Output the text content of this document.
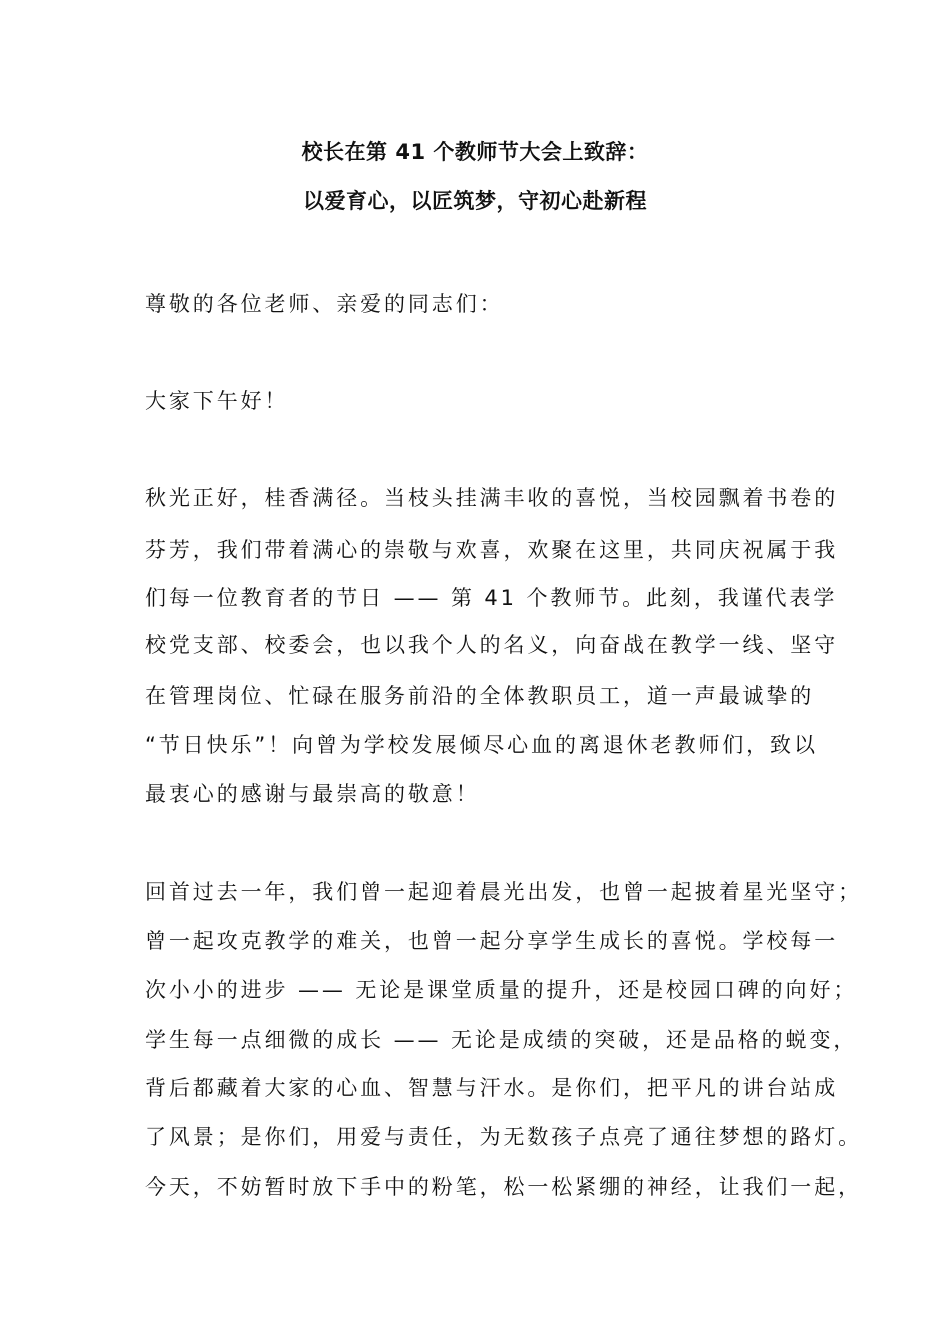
校长在第 41 个教师节大会上致辞：
以爱育心，以匠筑梦，守初心赴新程
尊敬的各位老师、亲爱的同志们：
大家下午好！
秋光正好，桂香满径。当枝头挂满丰收的喜悦，当校园飘着书卷的
芬芳，我们带着满心的崇敬与欢喜，欢聚在这里，共同庆祝属于我
们每一位教育者的节日 —— 第 41 个教师节。此刻，我谨代表学
校党支部、校委会，也以我个人的名义，向奋战在教学一线、坚守
在管理岗位、忙碌在服务前沿的全体教职员工，道一声最诚挚的
“节日快乐”！向曾为学校发展倾尽心血的离退休老教师们，致以
最衷心的感谢与最崇高的敬意！
回首过去一年，我们曾一起迎着晨光出发，也曾一起披着星光坚守；
曾一起攻克教学的难关，也曾一起分享学生成长的喜悦。学校每一
次小小的进步 —— 无论是课堂质量的提升，还是校园口碑的向好；
学生每一点细微的成长 —— 无论是成绩的突破，还是品格的蜕变，
背后都藏着大家的心血、智慧与汗水。是你们，把平凡的讲台站成
了风景；是你们，用爱与责任，为无数孩子点亮了通往梦想的路灯。
今天，不妨暂时放下手中的粉笔，松一松紧绷的神经，让我们一起，
